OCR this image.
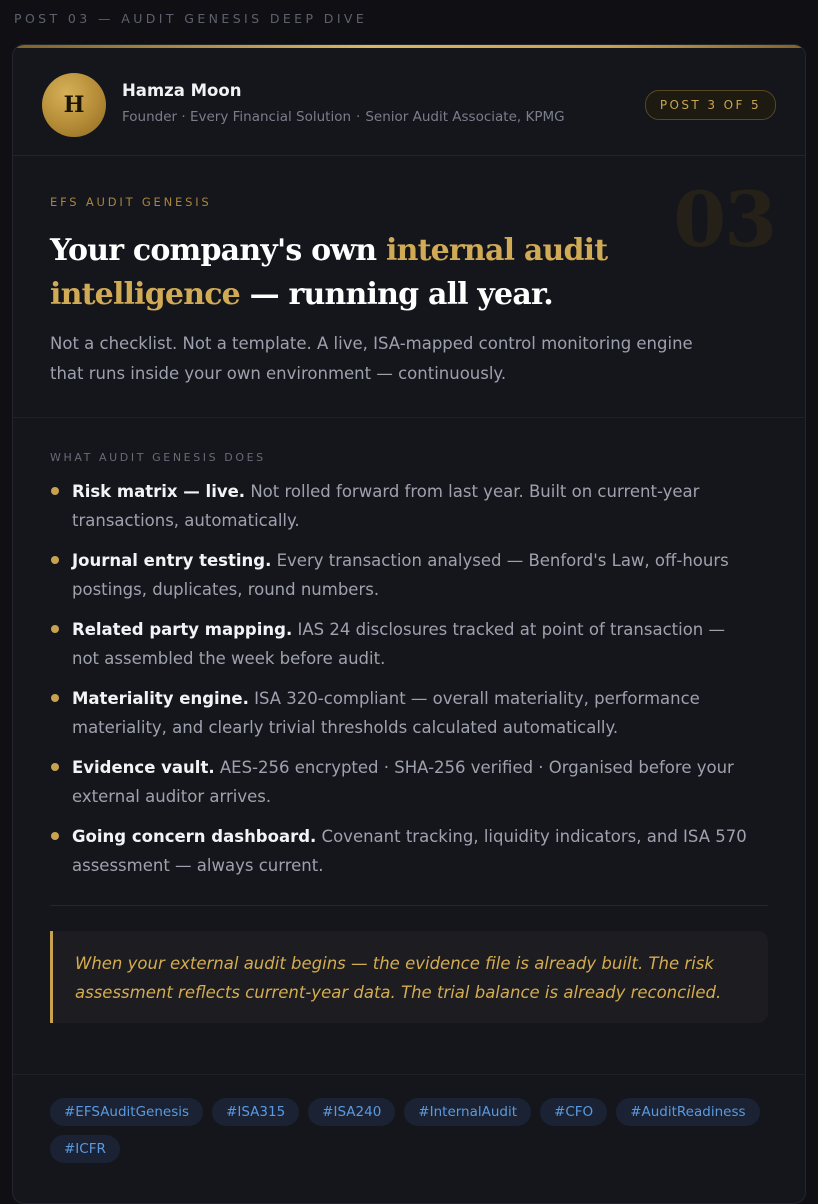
POST 03 — AUDIT GENESIS DEEP DIVE
H
Hamza Moon
Founder · Every Financial Solution · Senior Audit Associate, KPMG
POST 3 OF 5
EFS AUDIT GENESIS	03
Your company's own internal audit intelligence — running all year.
Not a checklist. Not a template. A live, ISA-mapped control monitoring engine that runs inside your own environment — continuously.
WHAT AUDIT GENESIS DOES
Risk matrix — live. Not rolled forward from last year. Built on current-year transactions, automatically.
Journal entry testing. Every transaction analysed — Benford's Law, off-hours postings, duplicates, round numbers.
Related party mapping. IAS 24 disclosures tracked at point of transaction — not assembled the week before audit.
Materiality engine. ISA 320-compliant — overall materiality, performance materiality, and clearly trivial thresholds calculated automatically.
Evidence vault. AES-256 encrypted · SHA-256 verified · Organised before your external auditor arrives.
Going concern dashboard. Covenant tracking, liquidity indicators, and ISA 570 assessment — always current.
When your external audit begins — the evidence file is already built. The risk assessment reflects current-year data. The trial balance is already reconciled.
#EFSAuditGenesis	#ISA315	#ISA240	#InternalAudit	#CFO	#AuditReadiness
#ICFR
